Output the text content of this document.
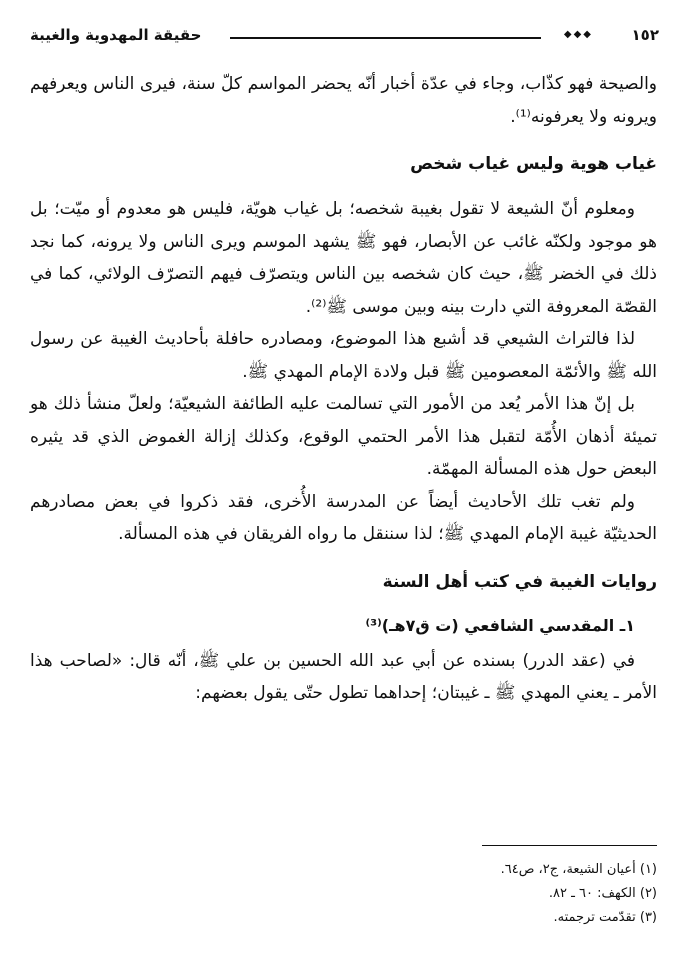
حقيقة المهدوية والغيبة	◆◆◆	١٥٢

والصيحة فهو كذّاب، وجاء في عدّة أخبار أنّه يحضر المواسم كلّ سنة، فيرى الناس ويعرفهم ويرونه ولا يعرفونه⁽¹⁾.

غياب هوية وليس غياب شخص

ومعلوم أنّ الشيعة لا تقول بغيبة شخصه؛ بل غياب هويّة، فليس هو معدوم أو ميّت؛ بل هو موجود ولكنّه غائب عن الأبصار، فهو ﷺ يشهد الموسم ويرى الناس ولا يرونه، كما نجد ذلك في الخضر ﷺ، حيث كان شخصه بين الناس ويتصرّف فيهم التصرّف الولائي، كما في القصّة المعروفة التي دارت بينه وبين موسى ﷺ⁽²⁾.

لذا فالتراث الشيعي قد أشبع هذا الموضوع، ومصادره حافلة بأحاديث الغيبة عن رسول الله ﷺ والأئمّة المعصومين ﷺ قبل ولادة الإمام المهدي ﷺ.

بل إنّ هذا الأمر يُعد من الأمور التي تسالمت عليه الطائفة الشيعيّة؛ ولعلّ منشأ ذلك هو تميئة أذهان الأُمّة لتقبل هذا الأمر الحتمي الوقوع، وكذلك إزالة الغموض الذي قد يثيره البعض حول هذه المسألة المهمّة.

ولم تغب تلك الأحاديث أيضاً عن المدرسة الأُخرى، فقد ذكروا في بعض مصادرهم الحديثيّة غيبة الإمام المهدي ﷺ؛ لذا سننقل ما رواه الفريقان في هذه المسألة.

روايات الغيبة في كتب أهل السنة
١ـ المقدسي الشافعي (ت ق٧هـ)⁽³⁾

في (عقد الدرر) بسنده عن أبي عبد الله الحسين بن علي ﷺ، أنّه قال: «لصاحب هذا الأمر ـ يعني المهدي ﷺ ـ غيبتان؛ إحداهما تطول حتّى يقول بعضهم:

(١) أعيان الشيعة، ج٢، ص٦٤.
(٢) الكهف: ٦٠ ـ ٨٢.
(٣) تقدّمت ترجمته.
